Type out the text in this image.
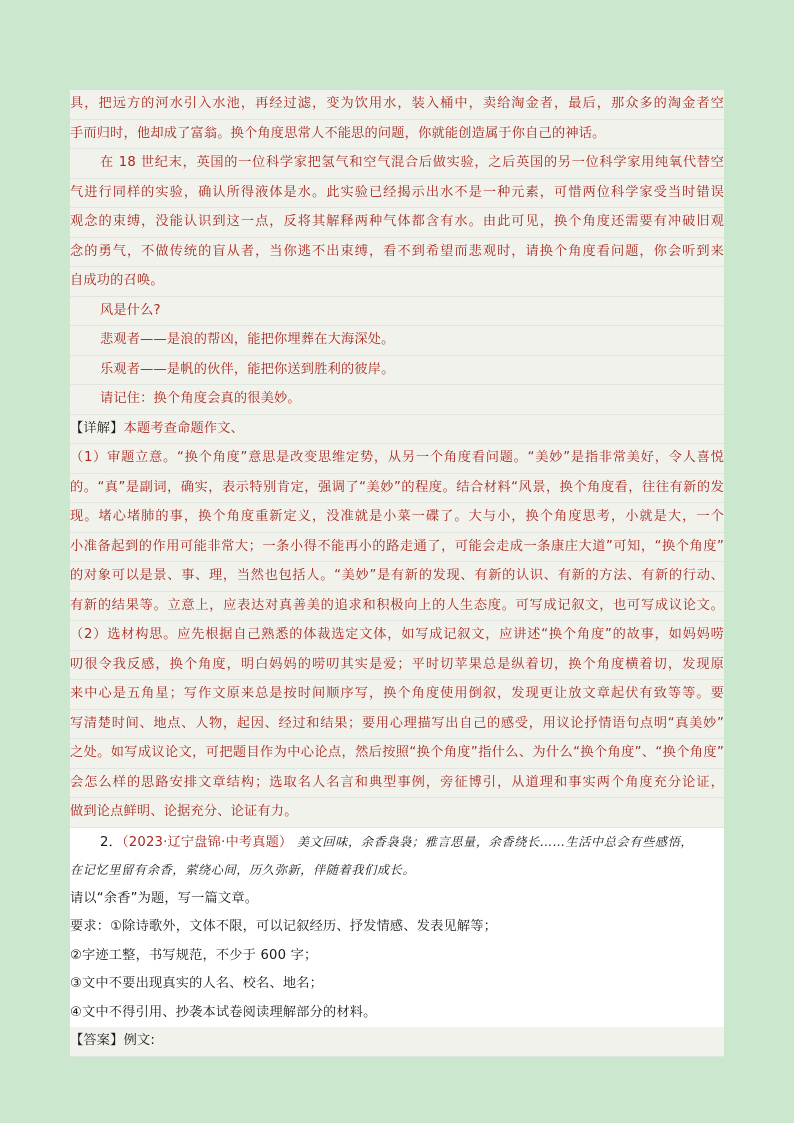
具，把远方的河水引入水池，再经过滤，变为饮用水，装入桶中，卖给淘金者，最后，那众多的淘金者空
手而归时，他却成了富翁。换个角度思常人不能思的问题，你就能创造属于你自己的神话。
在 18 世纪末，英国的一位科学家把氢气和空气混合后做实验，之后英国的另一位科学家用纯氧代替空
气进行同样的实验，确认所得液体是水。此实验已经揭示出水不是一种元素，可惜两位科学家受当时错误
观念的束缚，没能认识到这一点，反将其解释两种气体都含有水。由此可见，换个角度还需要有冲破旧观
念的勇气，不做传统的盲从者，当你逃不出束缚，看不到希望而悲观时，请换个角度看问题，你会听到来
自成功的召唤。
风是什么?
悲观者——是浪的帮凶，能把你埋葬在大海深处。
乐观者——是帆的伙伴，能把你送到胜利的彼岸。
请记住：换个角度会真的很美妙。
【详解】本题考查命题作文、
（1）审题立意。“换个角度”意思是改变思维定势，从另一个角度看问题。“美妙”是指非常美好，令人喜悦
的。“真”是副词，确实，表示特别肯定，强调了“美妙”的程度。结合材料“风景，换个角度看，往往有新的发
现。堵心堵肺的事，换个角度重新定义，没准就是小菜一碟了。大与小，换个角度思考，小就是大，一个
小准备起到的作用可能非常大；一条小得不能再小的路走通了，可能会走成一条康庄大道”可知，“换个角度”
的对象可以是景、事、理，当然也包括人。“美妙”是有新的发现、有新的认识、有新的方法、有新的行动、
有新的结果等。立意上，应表达对真善美的追求和积极向上的人生态度。可写成记叙文，也可写成议论文。
（2）选材构思。应先根据自己熟悉的体裁选定文体，如写成记叙文，应讲述“换个角度”的故事，如妈妈唠
叨很令我反感，换个角度，明白妈妈的唠叨其实是爱；平时切苹果总是纵着切，换个角度横着切，发现原
来中心是五角星；写作文原来总是按时间顺序写，换个角度使用倒叙，发现更让放文章起伏有致等等。要
写清楚时间、地点、人物，起因、经过和结果；要用心理描写出自己的感受，用议论抒情语句点明“真美妙”
之处。如写成议论文，可把题目作为中心论点，然后按照“换个角度”指什么、为什么“换个角度”、“换个角度”
会怎么样的思路安排文章结构；选取名人名言和典型事例，旁征博引，从道理和事实两个角度充分论证，
做到论点鲜明、论据充分、论证有力。
2．（2023·辽宁盘锦·中考真题） 美文回味，余香袅袅；雅言思量，余香绕长……生活中总会有些感悟，
在记忆里留有余香，萦绕心间，历久弥新，伴随着我们成长。
请以“余香”为题，写一篇文章。
要求：①除诗歌外，文体不限，可以记叙经历、抒发情感、发表见解等；
②字迹工整，书写规范，不少于 600 字；
③文中不要出现真实的人名、校名、地名；
④文中不得引用、抄袭本试卷阅读理解部分的材料。
【答案】例文:
